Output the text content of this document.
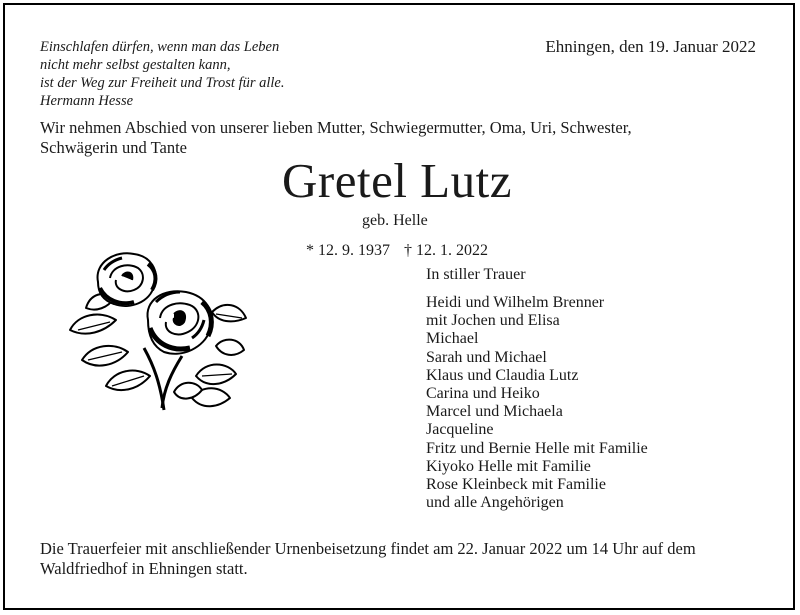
Einschlafen dürfen, wenn man das Leben
nicht mehr selbst gestalten kann,
ist der Weg zur Freiheit und Trost für alle.
Hermann Hesse
Ehningen, den 19. Januar 2022
Wir nehmen Abschied von unserer lieben Mutter, Schwiegermutter, Oma, Uri, Schwester,
Schwägerin und Tante
Gretel Lutz
geb. Helle
* 12. 9. 1937 † 12. 1. 2022
In stiller Trauer
Heidi und Wilhelm Brenner
mit Jochen und Elisa
Michael
Sarah und Michael
Klaus und Claudia Lutz
Carina und Heiko
Marcel und Michaela
Jacqueline
Fritz und Bernie Helle mit Familie
Kiyoko Helle mit Familie
Rose Kleinbeck mit Familie
und alle Angehörigen
Die Trauerfeier mit anschließender Urnenbeisetzung findet am 22. Januar 2022 um 14 Uhr auf dem
Waldfriedhof in Ehningen statt.
